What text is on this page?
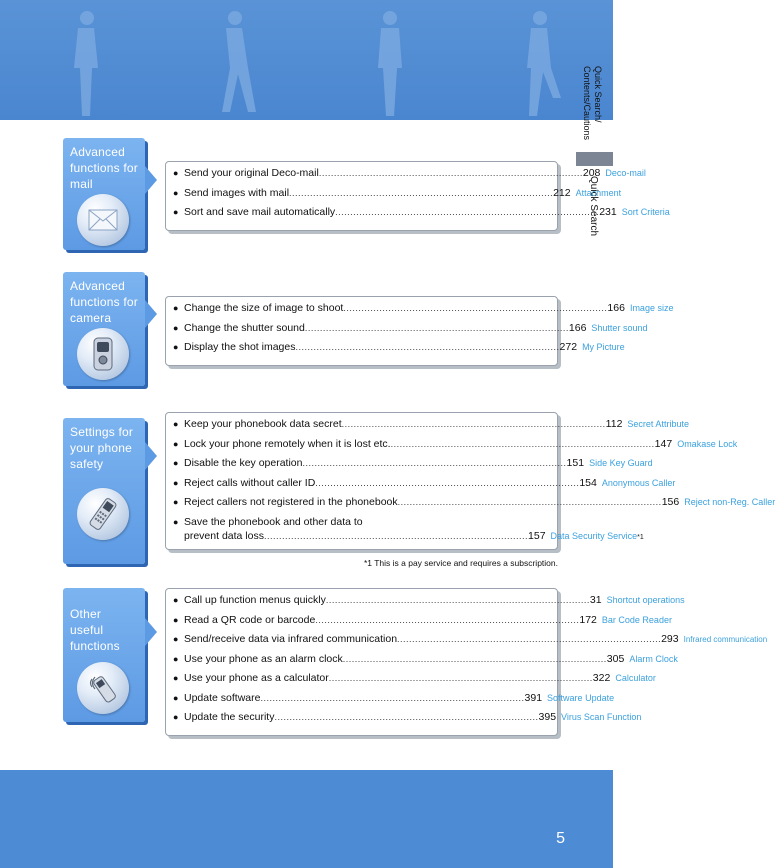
Quick Search/
Contents/Cautions
Quick Search
Advanced
functions for
mail
● Send your original Deco-mail ........................................................................................ 208 Deco-mail
● Send images with mail ........................................................................................ 212 Attachment
● Sort and save mail automatically ........................................................................................ 231 Sort Criteria
Advanced
functions for
camera
● Change the size of image to shoot ........................................................................................ 166 Image size
● Change the shutter sound ........................................................................................ 166 Shutter sound
● Display the shot images ........................................................................................ 272 My Picture
Settings for
your phone
safety
● Keep your phonebook data secret ........................................................................................ 112 Secret Attribute
● Lock your phone remotely when it is lost etc. ........................................................................................ 147 Omakase Lock
● Disable the key operation ........................................................................................ 151 Side Key Guard
● Reject calls without caller ID ........................................................................................ 154 Anonymous Caller
● Reject callers not registered in the phonebook ........................................................................................ 156 Reject non-Reg. Caller
● Save the phonebook and other data to
prevent data loss ........................................................................................ 157 Data Security Service*1
*1 This is a pay service and requires a subscription.
Other
useful
functions
● Call up function menus quickly ........................................................................................ 31 Shortcut operations
● Read a QR code or barcode ........................................................................................ 172 Bar Code Reader
● Send/receive data via infrared communication ........................................................................................ 293 Infrared communication
● Use your phone as an alarm clock ........................................................................................ 305 Alarm Clock
● Use your phone as a calculator ........................................................................................ 322 Calculator
● Update software ........................................................................................ 391 Software Update
● Update the security ........................................................................................ 395 Virus Scan Function
5
